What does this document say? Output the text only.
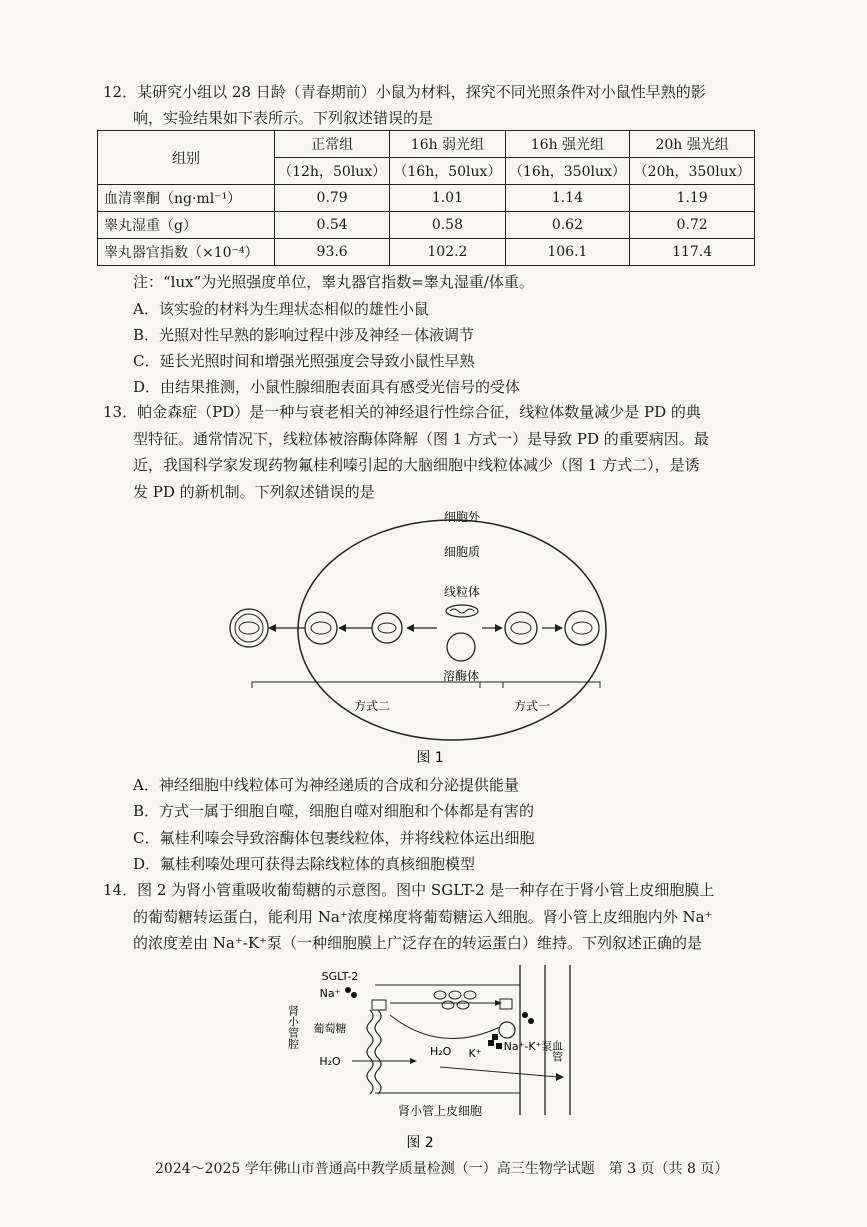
12．某研究小组以 28 日龄（青春期前）小鼠为材料，探究不同光照条件对小鼠性早熟的影
响，实验结果如下表所示。下列叙述错误的是
组别	正常组	16h 弱光组	16h 强光组	20h 强光组
	（12h，50lux）	（16h，50lux）	（16h，350lux）	（20h，350lux）
血清睾酮（ng·ml⁻¹）	0.79	1.01	1.14	1.19
睾丸湿重（g）	0.54	0.58	0.62	0.72
睾丸器官指数（×10⁻⁴）	93.6	102.2	106.1	117.4
注：“lux”为光照强度单位，睾丸器官指数=睾丸湿重/体重。
A．该实验的材料为生理状态相似的雄性小鼠
B．光照对性早熟的影响过程中涉及神经－体液调节
C．延长光照时间和增强光照强度会导致小鼠性早熟
D．由结果推测，小鼠性腺细胞表面具有感受光信号的受体
13．帕金森症（PD）是一种与衰老相关的神经退行性综合征，线粒体数量减少是 PD 的典
型特征。通常情况下，线粒体被溶酶体降解（图 1 方式一）是导致 PD 的重要病因。最
近，我国科学家发现药物氟桂利嗪引起的大脑细胞中线粒体减少（图 1 方式二），是诱
发 PD 的新机制。下列叙述错误的是
细胞外
细胞质
线粒体
溶酶体
方式二	方式一
图 1
A．神经细胞中线粒体可为神经递质的合成和分泌提供能量
B．方式一属于细胞自噬，细胞自噬对细胞和个体都是有害的
C．氟桂利嗪会导致溶酶体包裹线粒体，并将线粒体运出细胞
D．氟桂利嗪处理可获得去除线粒体的真核细胞模型
14．图 2 为肾小管重吸收葡萄糖的示意图。图中 SGLT-2 是一种存在于肾小管上皮细胞膜上
的葡萄糖转运蛋白，能利用 Na⁺浓度梯度将葡萄糖运入细胞。肾小管上皮细胞内外 Na⁺
的浓度差由 Na⁺-K⁺泵（一种细胞膜上广泛存在的转运蛋白）维持。下列叙述正确的是
SGLT-2
Na⁺
肾小管腔 葡萄糖
H₂O	血管
K⁺
Na⁺-K⁺泵
H₂O
肾小管上皮细胞
图 2
2024～2025 学年佛山市普通高中教学质量检测（一）高三生物学试题　第 3 页（共 8 页）
